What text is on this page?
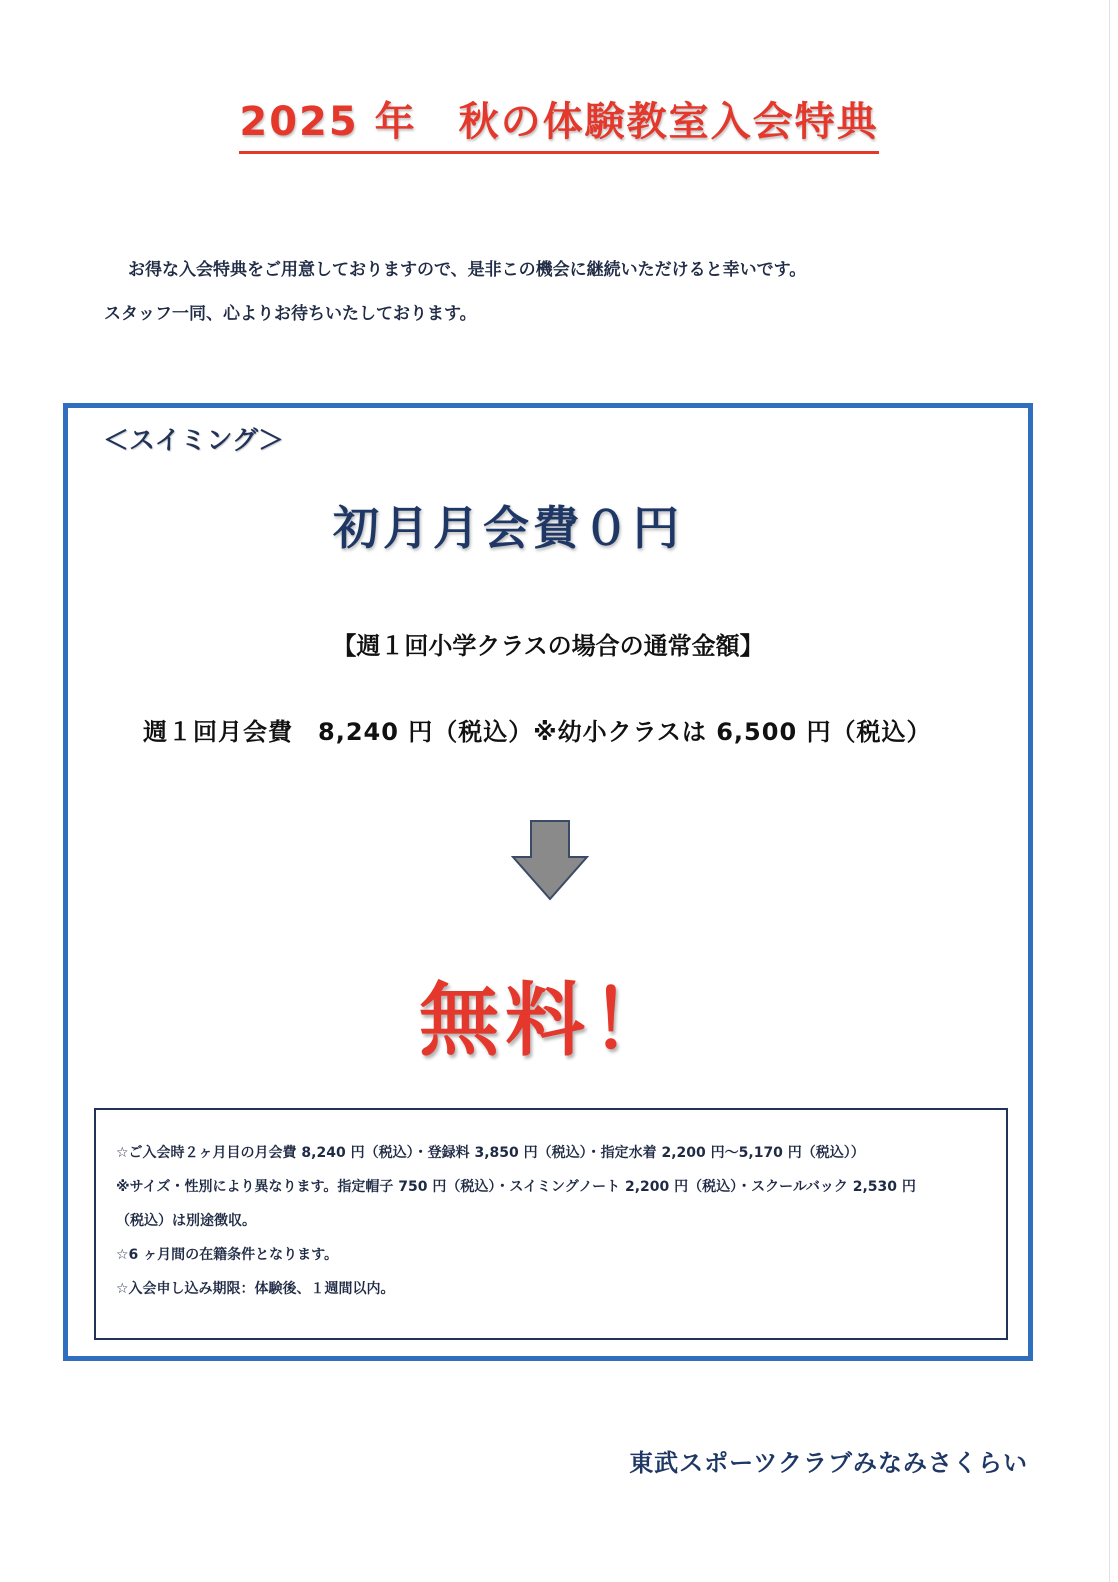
2025 年　秋の体験教室入会特典

お得な入会特典をご用意しておりますので、是非この機会に継続いただけると幸いです。

スタッフ一同、心よりお待ちいたしております。

＜スイミング＞
初月月会費０円
【週１回小学クラスの場合の通常金額】
週１回月会費　8,240 円（税込）※幼小クラスは 6,500 円（税込）
無料！
☆ご入会時２ヶ月目の月会費 8,240 円（税込）・登録料 3,850 円（税込）・指定水着 2,200 円～5,170 円（税込））
※サイズ・性別により異なります。指定帽子 750 円（税込）・スイミングノート 2,200 円（税込）・スクールバック 2,530 円
（税込）は別途徴収。
☆6 ヶ月間の在籍条件となります。
☆入会申し込み期限：体験後、１週間以内。
東武スポーツクラブみなみさくらい
